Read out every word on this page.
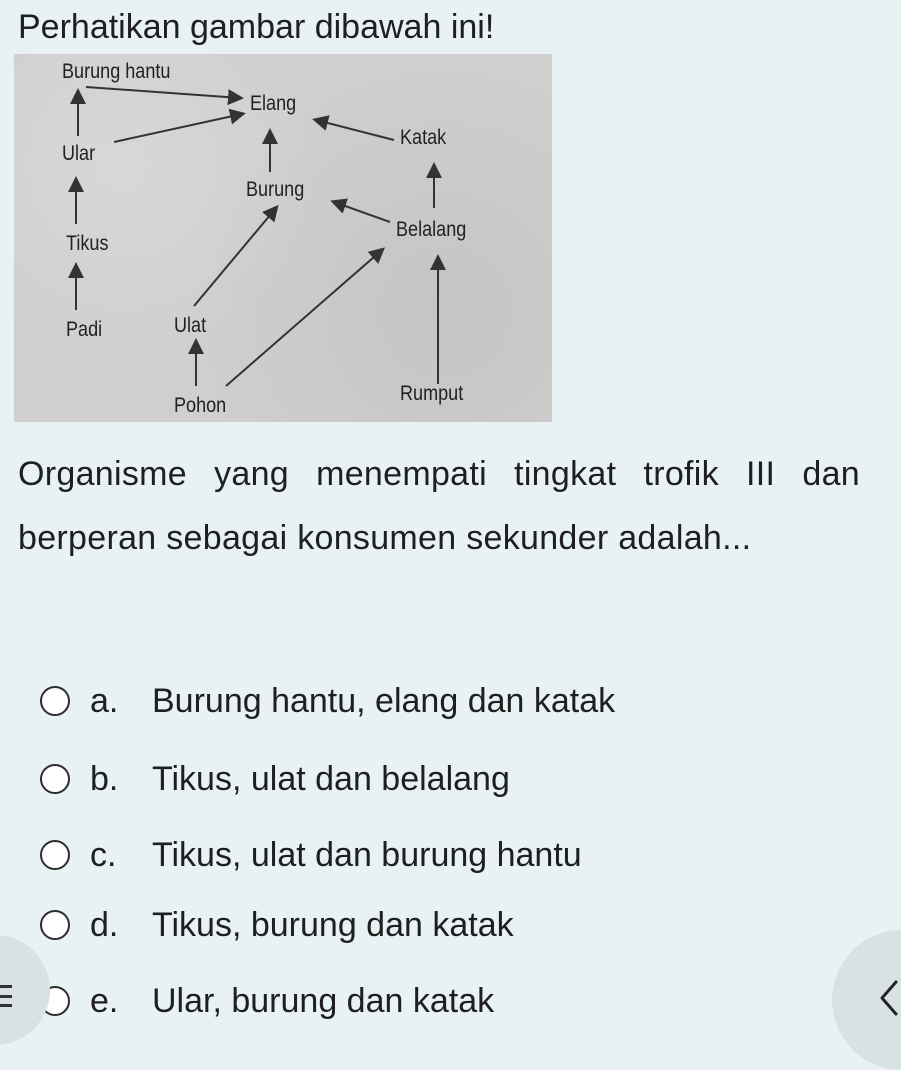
Perhatikan gambar dibawah ini!
Burung hantu
Elang
Katak
Ular
Burung
Belalang
Tikus
Padi	Ulat
Pohon
Rumput

Organisme yang menempati tingkat trofik III dan berperan sebagai konsumen sekunder adalah...

a. Burung hantu, elang dan katak
b. Tikus, ulat dan belalang
c.	Tikus, ulat dan burung hantu
d. Tikus, burung dan katak
e. Ular, burung dan katak
